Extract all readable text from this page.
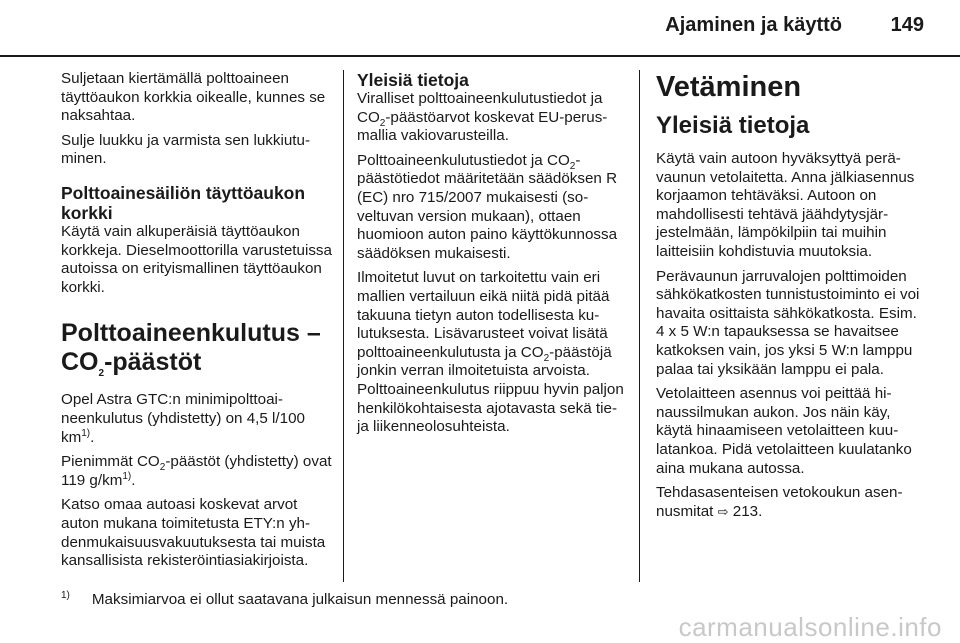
Ajaminen ja käyttö 149

Suljetaan kiertämällä polttoaineen täyttöaukon korkkia oikealle, kunnes se naksahtaa.

Sulje luukku ja varmista sen lukkiutuminen.

Polttoainesäiliön täyttöaukon korkki

Käytä vain alkuperäisiä täyttöaukon korkkeja. Dieselmoottorilla varustetuissa autoissa on erityismallinen täyttöaukon korkki.

Polttoaineenkulutus –
$CO_2$-päästöt

Opel Astra GTC:n minimipolttoaineenkulutus (yhdistetty) on 4,5 l/100 $km^{1)}$.

Pienimmät $CO_2$-päästöt (yhdistetty) ovat 119 $g/km^{1)}$.

Katso omaa autoasi koskevat arvot auton mukana toimitetusta ETY:n yhdenmukaisuusvakuutuksesta tai muista kansallisista rekisteröintiasiakirjoista.

Yleisiä tietoja

Viralliset polttoaineenkulutustiedot ja $CO_2$-päästöarvot koskevat EU-perusmallia vakiovarusteilla.

Polttoaineenkulutustiedot ja $CO_2$-päästötiedot määritetään säädöksen R (EC) nro 715/2007 mukaisesti (soveltuvan version mukaan), ottaen huomioon auton paino käyttökunnossa säädöksen mukaisesti.

Ilmoitetut luvut on tarkoitettu vain eri mallien vertailuun eikä niitä pidä pitää takuuna tietyn auton todellisesta kulutuksesta. Lisävarusteet voivat lisätä polttoaineenkulutusta ja $CO_2$-päästöjä jonkin verran ilmoitetuista arvoista. Polttoaineenkulutus riippuu hyvin paljon henkilökohtaisesta ajotavasta sekä tie- ja liikenneolosuhteista.

Vetäminen
Yleisiä tietoja

Käytä vain autoon hyväksyttyä perävaunun vetolaitetta. Anna jälkiasennus korjaamon tehtäväksi. Autoon on mahdollisesti tehtävä jäähdytysjärjestelmään, lämpökilpiin tai muihin laitteisiin kohdistuvia muutoksia.

Perävaunun jarruvalojen polttimoiden sähkökatkosten tunnistustoiminto ei voi havaita osittaista sähkökatkosta. Esim. 4 x 5 W:n tapauksessa se havaitsee katkoksen vain, jos yksi 5 W:n lamppu palaa tai yksikään lamppu ei pala.

Vetolaitteen asennus voi peittää hinaussilmukan aukon. Jos näin käy, käytä hinaamiseen vetolaitteen kuulatankoa. Pidä vetolaitteen kuulatanko aina mukana autossa.

Tehdasasenteisen vetokoukun asennusmitat ⇨ 213.

$^{1)}$ Maksimiarvoa ei ollut saatavana julkaisun mennessä painoon.
carmanualsonline.info
